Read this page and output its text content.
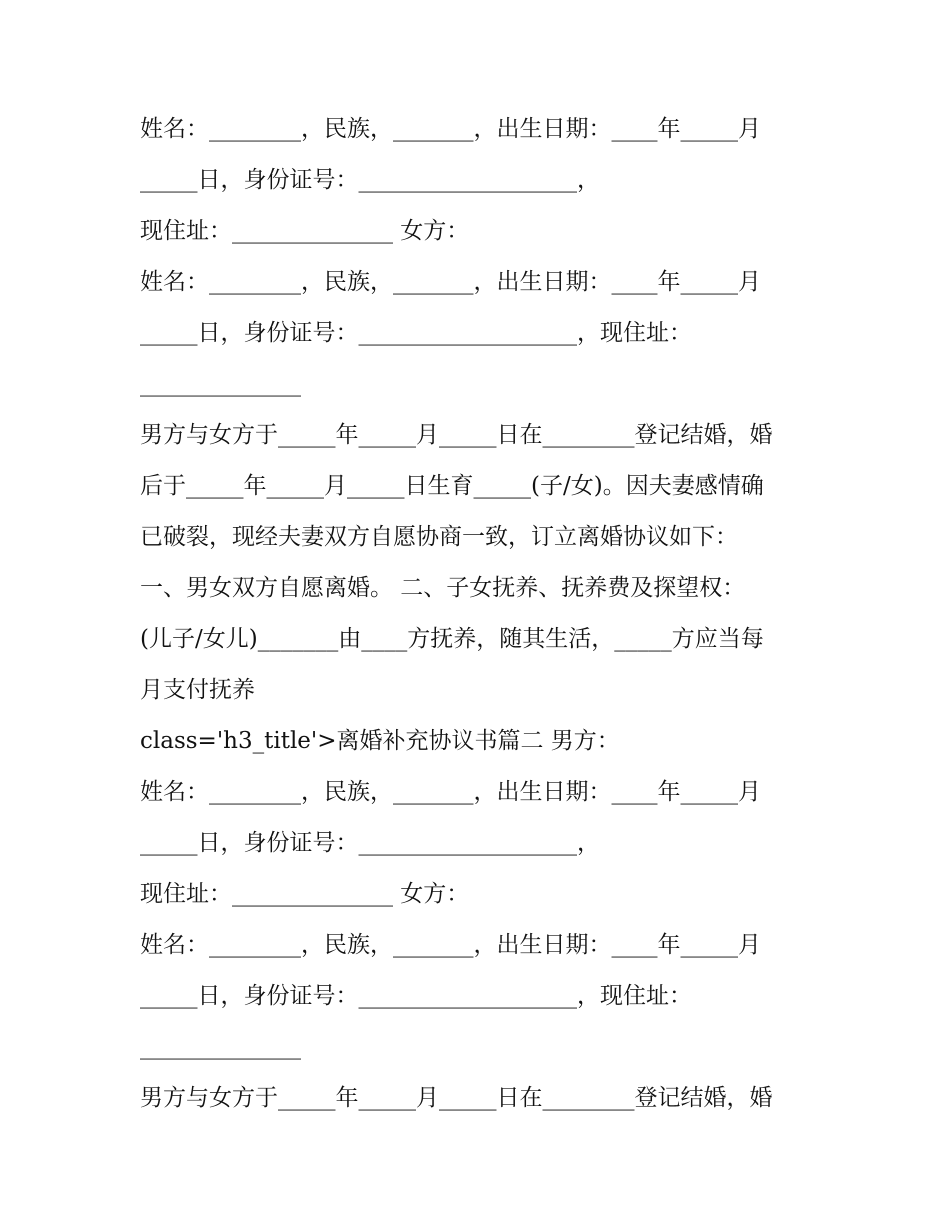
姓名：________，民族，_______，出生日期：____年_____月
_____日，身份证号：___________________，
现住址：______________ 女方：
姓名：________，民族，_______，出生日期：____年_____月
_____日，身份证号：___________________，现住址：
______________
男方与女方于_____年_____月_____日在________登记结婚，婚
后于_____年_____月_____日生育_____(子/女)。因夫妻感情确
已破裂，现经夫妻双方自愿协商一致，订立离婚协议如下：
一、男女双方自愿离婚。 二、子女抚养、抚养费及探望权：
(儿子/女儿)_______由____方抚养，随其生活，_____方应当每
月支付抚养
class='h3_title'>离婚补充协议书篇二 男方：
姓名：________，民族，_______，出生日期：____年_____月
_____日，身份证号：___________________，
现住址：______________ 女方：
姓名：________，民族，_______，出生日期：____年_____月
_____日，身份证号：___________________，现住址：
______________
男方与女方于_____年_____月_____日在________登记结婚，婚
